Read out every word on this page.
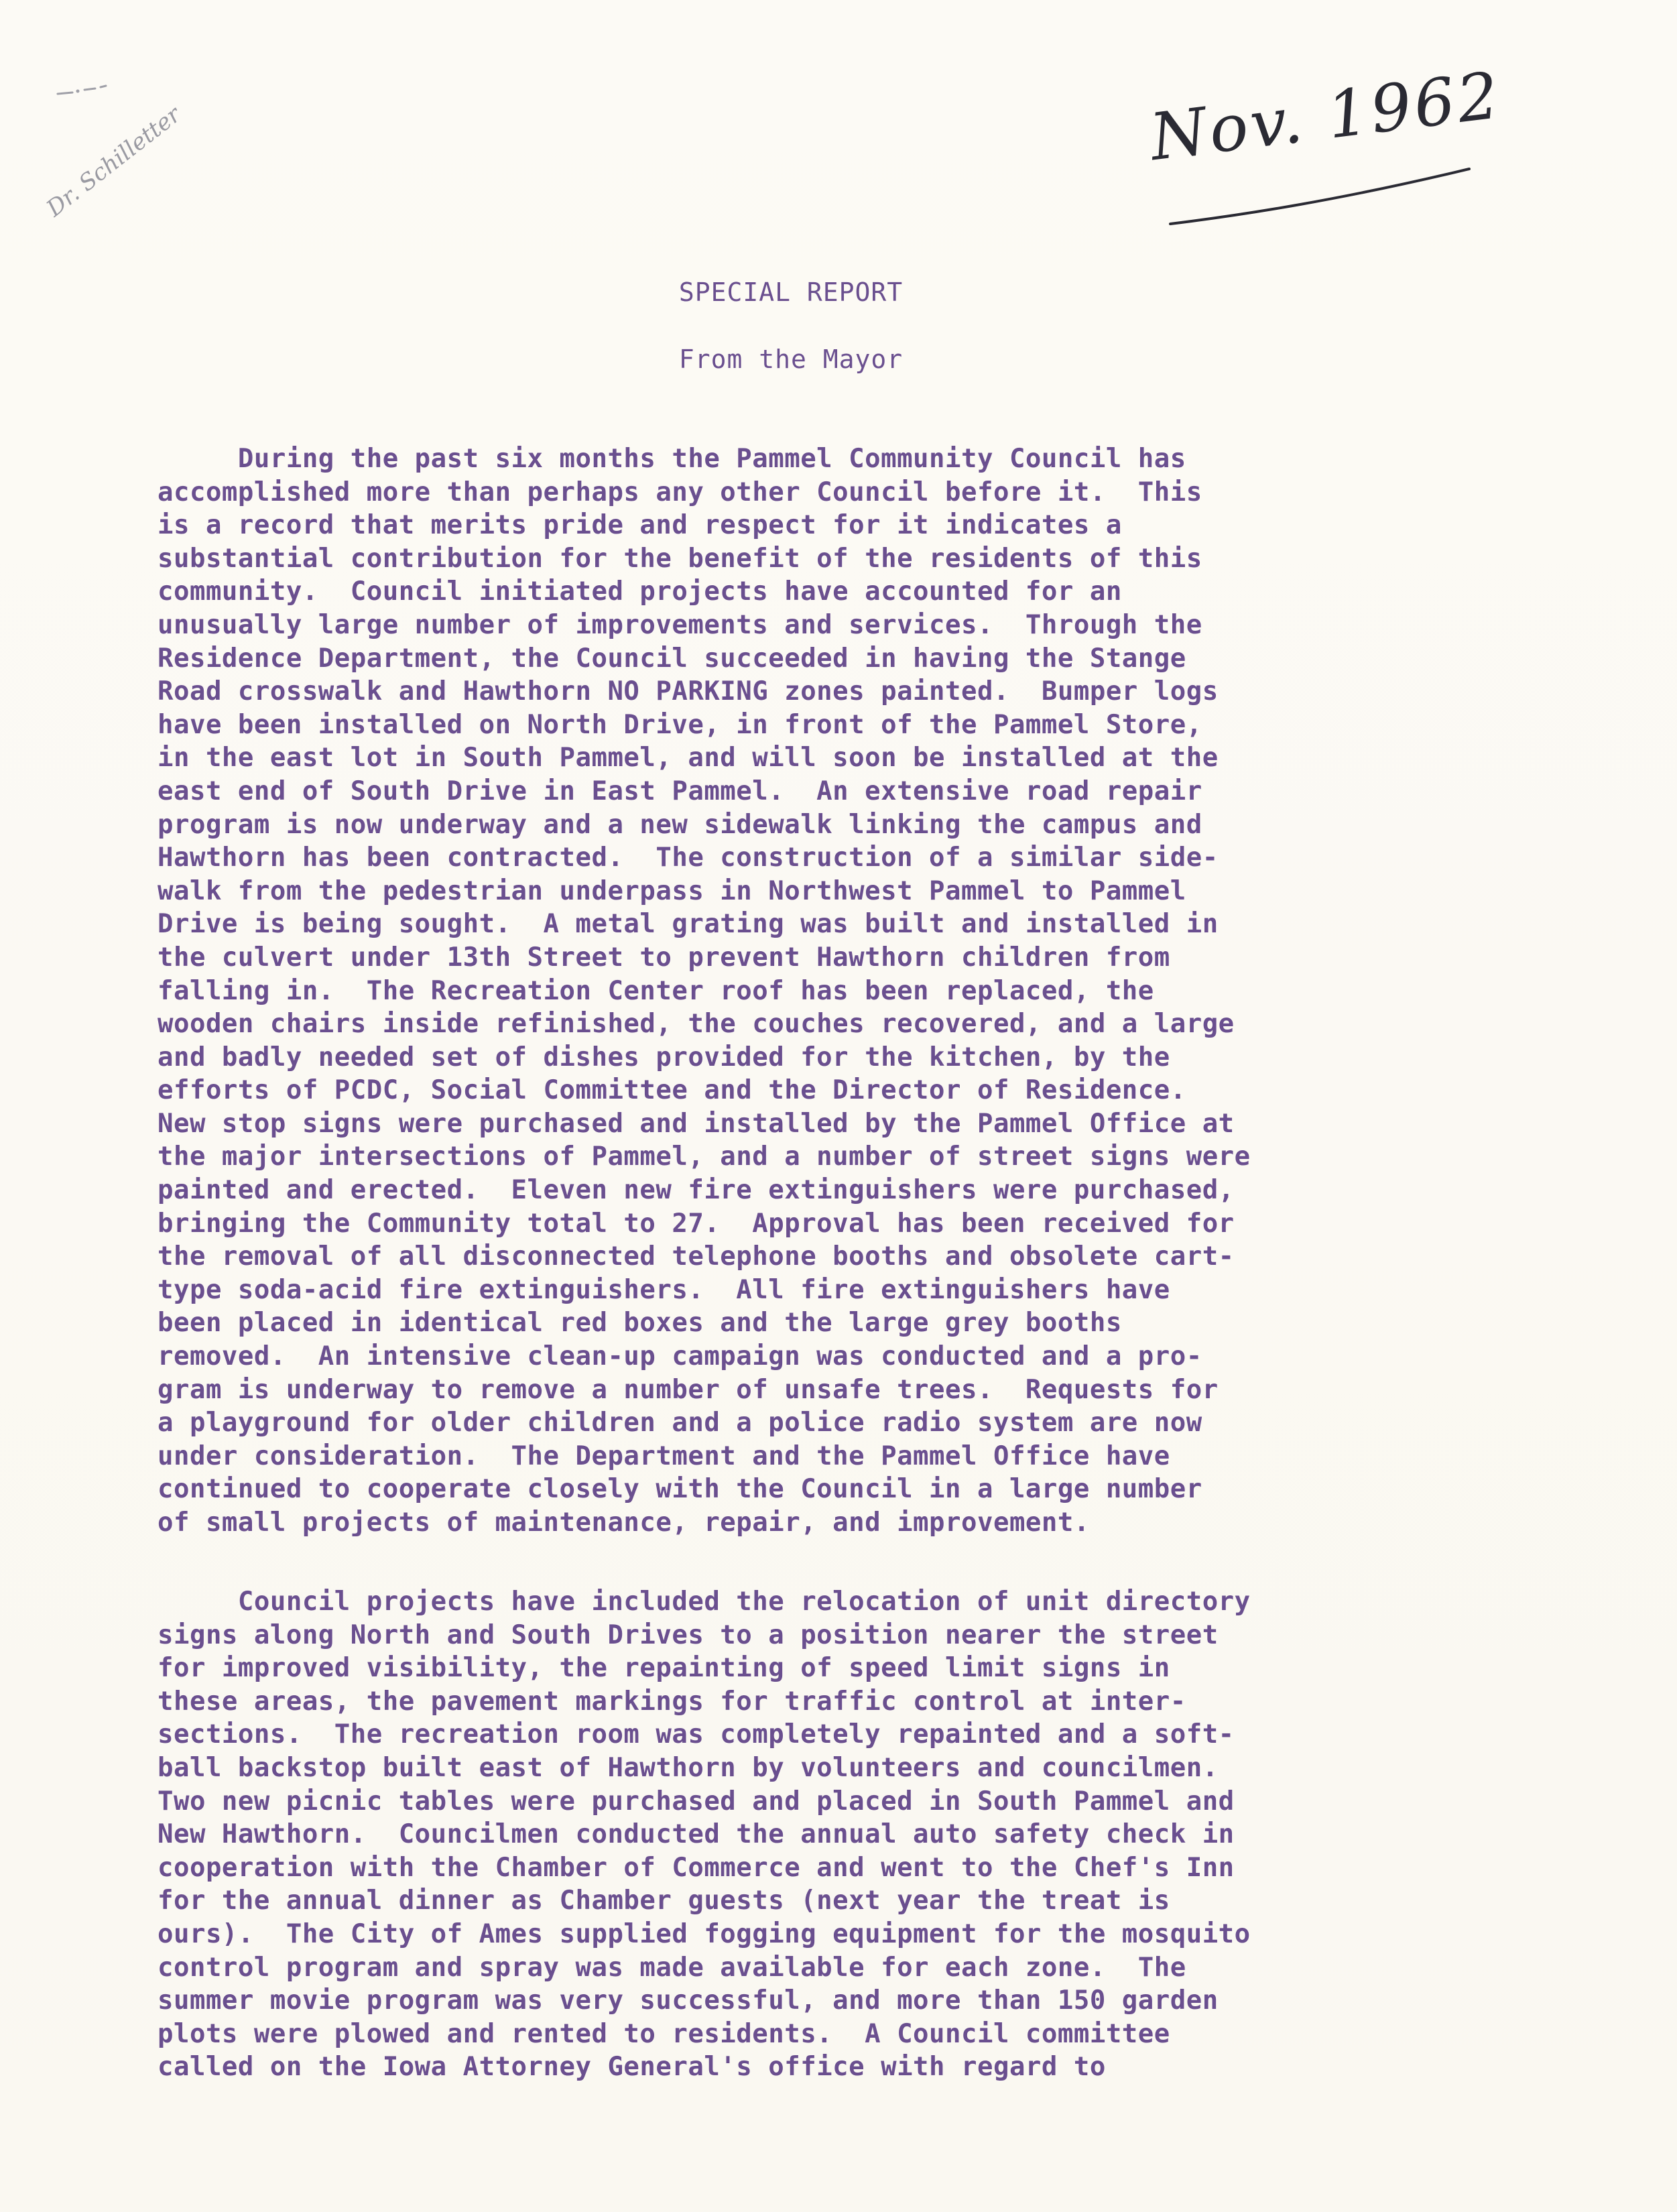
Dr. Schilletter	Nov. 1962
SPECIAL REPORT
From the Mayor
During the past six months the Pammel Community Council has
accomplished more than perhaps any other Council before it.  This
is a record that merits pride and respect for it indicates a
substantial contribution for the benefit of the residents of this
community.  Council initiated projects have accounted for an
unusually large number of improvements and services.  Through the
Residence Department, the Council succeeded in having the Stange
Road crosswalk and Hawthorn NO PARKING zones painted.  Bumper logs
have been installed on North Drive, in front of the Pammel Store,
in the east lot in South Pammel, and will soon be installed at the
east end of South Drive in East Pammel.  An extensive road repair
program is now underway and a new sidewalk linking the campus and
Hawthorn has been contracted.  The construction of a similar side-
walk from the pedestrian underpass in Northwest Pammel to Pammel
Drive is being sought.  A metal grating was built and installed in
the culvert under 13th Street to prevent Hawthorn children from
falling in.  The Recreation Center roof has been replaced, the
wooden chairs inside refinished, the couches recovered, and a large
and badly needed set of dishes provided for the kitchen, by the
efforts of PCDC, Social Committee and the Director of Residence.
New stop signs were purchased and installed by the Pammel Office at
the major intersections of Pammel, and a number of street signs were
painted and erected.  Eleven new fire extinguishers were purchased,
bringing the Community total to 27.  Approval has been received for
the removal of all disconnected telephone booths and obsolete cart-
type soda-acid fire extinguishers.  All fire extinguishers have
been placed in identical red boxes and the large grey booths
removed.  An intensive clean-up campaign was conducted and a pro-
gram is underway to remove a number of unsafe trees.  Requests for
a playground for older children and a police radio system are now
under consideration.  The Department and the Pammel Office have
continued to cooperate closely with the Council in a large number
of small projects of maintenance, repair, and improvement.
Council projects have included the relocation of unit directory
signs along North and South Drives to a position nearer the street
for improved visibility, the repainting of speed limit signs in
these areas, the pavement markings for traffic control at inter-
sections.  The recreation room was completely repainted and a soft-
ball backstop built east of Hawthorn by volunteers and councilmen.
Two new picnic tables were purchased and placed in South Pammel and
New Hawthorn.  Councilmen conducted the annual auto safety check in
cooperation with the Chamber of Commerce and went to the Chef's Inn
for the annual dinner as Chamber guests (next year the treat is
ours).  The City of Ames supplied fogging equipment for the mosquito
control program and spray was made available for each zone.  The
summer movie program was very successful, and more than 150 garden
plots were plowed and rented to residents.  A Council committee
called on the Iowa Attorney General's office with regard to
